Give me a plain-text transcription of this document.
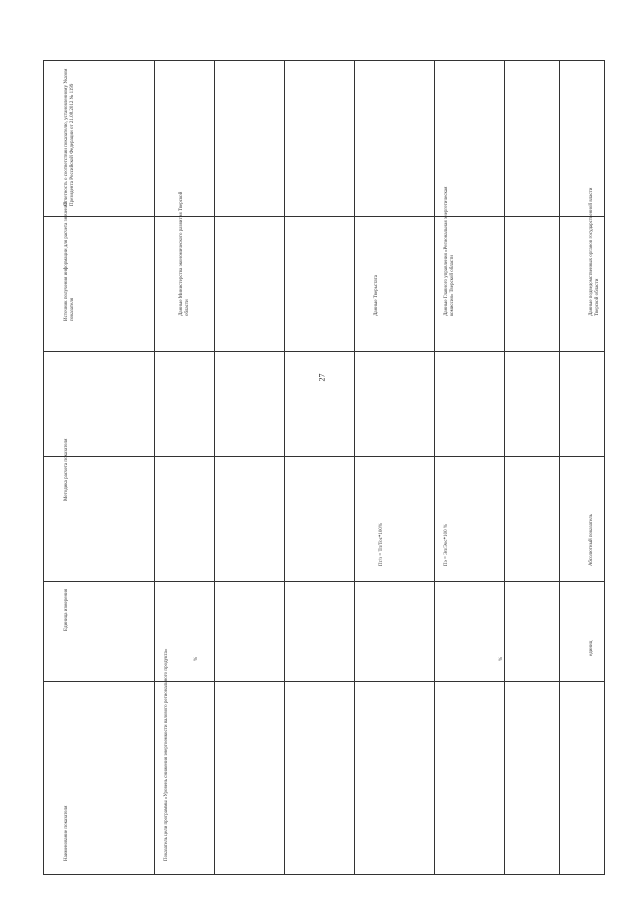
27
Наименование показателя
Единица измерения
Методика расчета показателя
Источник получения информации для расчета значений показателя
Отчетность о соответствии показателю, установленному Указом Президента Российской Федерации от 21.08.2012 № 1199
Показатель цели программы «Уровень снижения энергоемкости валового регионального продукта»	%
Данные Министерства экономического развития Тверской области
Пт/з = Тп/Тос*100%
Данные Тверьстата
%
Пэ = Эп/Эос*100 %
Данные Главного управления «Региональная энергетическая комиссия» Тверской области
единиц
Абсолютный показатель
Данные подведомственных органов государственной власти Тверской области
